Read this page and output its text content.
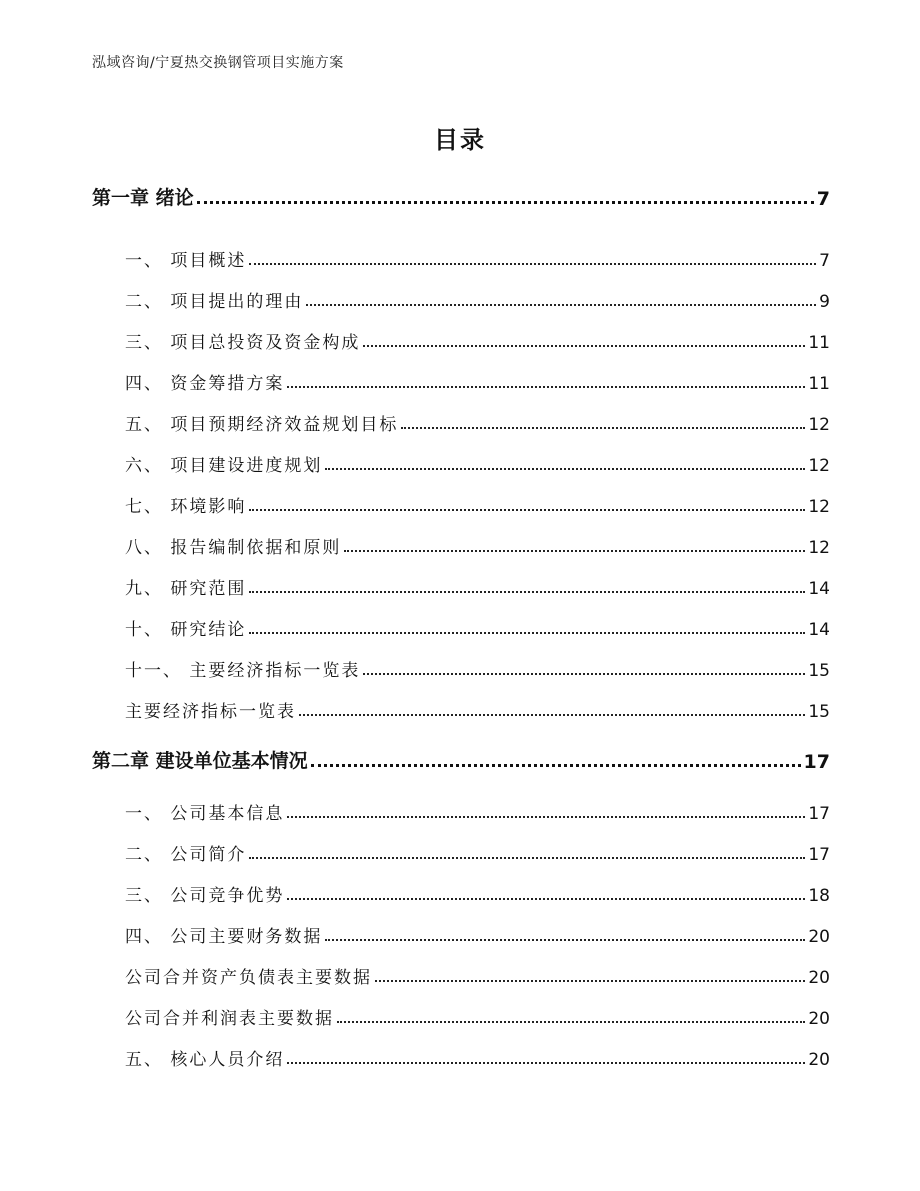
泓域咨询/宁夏热交换钢管项目实施方案
目录
第一章 绪论	7
一、 项目概述	7
二、 项目提出的理由	9
三、 项目总投资及资金构成	11
四、 资金筹措方案	11
五、 项目预期经济效益规划目标	12
六、 项目建设进度规划	12
七、 环境影响	12
八、 报告编制依据和原则	12
九、 研究范围	14
十、 研究结论	14
十一、 主要经济指标一览表	15
主要经济指标一览表	15
第二章 建设单位基本情况	17
一、 公司基本信息	17
二、 公司简介	17
三、 公司竞争优势	18
四、 公司主要财务数据	20
公司合并资产负债表主要数据	20
公司合并利润表主要数据	20
五、 核心人员介绍	20
